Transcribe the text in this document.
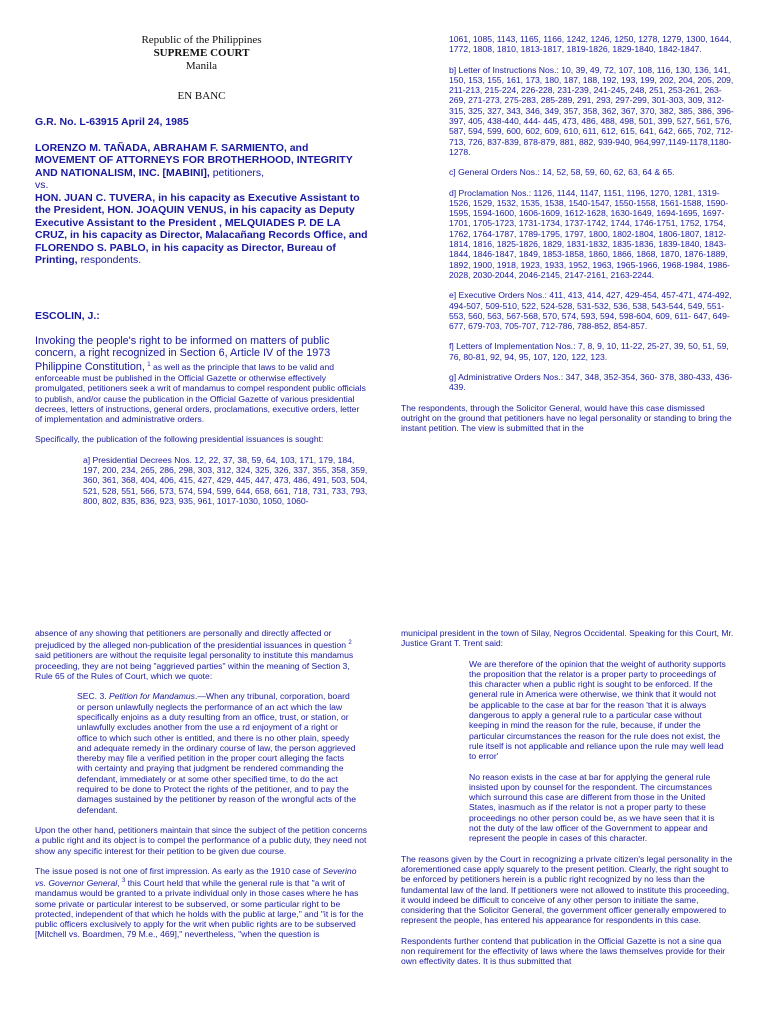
Republic of the Philippines
SUPREME COURT
Manila
EN BANC
G.R. No. L-63915 April 24, 1985
LORENZO M. TAÑADA, ABRAHAM F. SARMIENTO, and MOVEMENT OF ATTORNEYS FOR BROTHERHOOD, INTEGRITY AND NATIONALISM, INC. [MABINI], petitioners,
vs.
HON. JUAN C. TUVERA, in his capacity as Executive Assistant to the President, HON. JOAQUIN VENUS, in his capacity as Deputy Executive Assistant to the President , MELQUIADES P. DE LA CRUZ, in his capacity as Director, Malacañang Records Office, and FLORENDO S. PABLO, in his capacity as Director, Bureau of Printing, respondents.
ESCOLIN, J.:

Invoking the people's right to be informed on matters of public concern, a right recognized in Section 6, Article IV of the 1973 Philippine Constitution, $^1$ as well as the principle that laws to be valid and enforceable must be published in the Official Gazette or otherwise effectively promulgated, petitioners seek a writ of mandamus to compel respondent public officials to publish, and/or cause the publication in the Official Gazette of various presidential decrees, letters of instructions, general orders, proclamations, executive orders, letter of implementation and administrative orders.

Specifically, the publication of the following presidential issuances is sought:

a] Presidential Decrees Nos. 12, 22, 37, 38, 59, 64, 103, 171, 179, 184, 197, 200, 234, 265, 286, 298, 303, 312, 324, 325, 326, 337, 355, 358, 359, 360, 361, 368, 404, 406, 415, 427, 429, 445, 447, 473, 486, 491, 503, 504, 521, 528, 551, 566, 573, 574, 594, 599, 644, 658, 661, 718, 731, 733, 793, 800, 802, 835, 836, 923, 935, 961, 1017-1030, 1050, 1060-

1061, 1085, 1143, 1165, 1166, 1242, 1246, 1250, 1278, 1279, 1300, 1644, 1772, 1808, 1810, 1813-1817, 1819-1826, 1829-1840, 1842-1847.

b] Letter of Instructions Nos.: 10, 39, 49, 72, 107, 108, 116, 130, 136, 141, 150, 153, 155, 161, 173, 180, 187, 188, 192, 193, 199, 202, 204, 205, 209, 211-213, 215-224, 226-228, 231-239, 241-245, 248, 251, 253-261, 263-269, 271-273, 275-283, 285-289, 291, 293, 297-299, 301-303, 309, 312-315, 325, 327, 343, 346, 349, 357, 358, 362, 367, 370, 382, 385, 386, 396-397, 405, 438-440, 444- 445, 473, 486, 488, 498, 501, 399, 527, 561, 576, 587, 594, 599, 600, 602, 609, 610, 611, 612, 615, 641, 642, 665, 702, 712-713, 726, 837-839, 878-879, 881, 882, 939-940, 964,997,1149-1178,1180-1278.

c] General Orders Nos.: 14, 52, 58, 59, 60, 62, 63, 64 & 65.

d] Proclamation Nos.: 1126, 1144, 1147, 1151, 1196, 1270, 1281, 1319-1526, 1529, 1532, 1535, 1538, 1540-1547, 1550-1558, 1561-1588, 1590-1595, 1594-1600, 1606-1609, 1612-1628, 1630-1649, 1694-1695, 1697-1701, 1705-1723, 1731-1734, 1737-1742, 1744, 1746-1751, 1752, 1754, 1762, 1764-1787, 1789-1795, 1797, 1800, 1802-1804, 1806-1807, 1812-1814, 1816, 1825-1826, 1829, 1831-1832, 1835-1836, 1839-1840, 1843-1844, 1846-1847, 1849, 1853-1858, 1860, 1866, 1868, 1870, 1876-1889, 1892, 1900, 1918, 1923, 1933, 1952, 1963, 1965-1966, 1968-1984, 1986-2028, 2030-2044, 2046-2145, 2147-2161, 2163-2244.

e] Executive Orders Nos.: 411, 413, 414, 427, 429-454, 457-471, 474-492, 494-507, 509-510, 522, 524-528, 531-532, 536, 538, 543-544, 549, 551-553, 560, 563, 567-568, 570, 574, 593, 594, 598-604, 609, 611- 647, 649-677, 679-703, 705-707, 712-786, 788-852, 854-857.

f] Letters of Implementation Nos.: 7, 8, 9, 10, 11-22, 25-27, 39, 50, 51, 59, 76, 80-81, 92, 94, 95, 107, 120, 122, 123.

g] Administrative Orders Nos.: 347, 348, 352-354, 360- 378, 380-433, 436-439.

The respondents, through the Solicitor General, would have this case dismissed outright on the ground that petitioners have no legal personality or standing to bring the instant petition. The view is submitted that in the

absence of any showing that petitioners are personally and directly affected or prejudiced by the alleged non-publication of the presidential issuances in question $^2$ said petitioners are without the requisite legal personality to institute this mandamus proceeding, they are not being "aggrieved parties" within the meaning of Section 3, Rule 65 of the Rules of Court, which we quote:

SEC. 3. Petition for Mandamus.—When any tribunal, corporation, board or person unlawfully neglects the performance of an act which the law specifically enjoins as a duty resulting from an office, trust, or station, or unlawfully excludes another from the use a rd enjoyment of a right or office to which such other is entitled, and there is no other plain, speedy and adequate remedy in the ordinary course of law, the person aggrieved thereby may file a verified petition in the proper court alleging the facts with certainty and praying that judgment be rendered commanding the defendant, immediately or at some other specified time, to do the act required to be done to Protect the rights of the petitioner, and to pay the damages sustained by the petitioner by reason of the wrongful acts of the defendant.

Upon the other hand, petitioners maintain that since the subject of the petition concerns a public right and its object is to compel the performance of a public duty, they need not show any specific interest for their petition to be given due course.

The issue posed is not one of first impression. As early as the 1910 case of Severino vs. Governor General, $^3$ this Court held that while the general rule is that "a writ of mandamus would be granted to a private individual only in those cases where he has some private or particular interest to be subserved, or some particular right to be protected, independent of that which he holds with the public at large," and "it is for the public officers exclusively to apply for the writ when public rights are to be subserved [Mitchell vs. Boardmen, 79 M.e., 469]," nevertheless, "when the question is

municipal president in the town of Silay, Negros Occidental. Speaking for this Court, Mr. Justice Grant T. Trent said:

We are therefore of the opinion that the weight of authority supports the proposition that the relator is a proper party to proceedings of this character when a public right is sought to be enforced. If the general rule in America were otherwise, we think that it would not be applicable to the case at bar for the reason 'that it is always dangerous to apply a general rule to a particular case without keeping in mind the reason for the rule, because, if under the particular circumstances the reason for the rule does not exist, the rule itself is not applicable and reliance upon the rule may well lead to error'

No reason exists in the case at bar for applying the general rule insisted upon by counsel for the respondent. The circumstances which surround this case are different from those in the United States, inasmuch as if the relator is not a proper party to these proceedings no other person could be, as we have seen that it is not the duty of the law officer of the Government to appear and represent the people in cases of this character.

The reasons given by the Court in recognizing a private citizen's legal personality in the aforementioned case apply squarely to the present petition. Clearly, the right sought to be enforced by petitioners herein is a public right recognized by no less than the fundamental law of the land. If petitioners were not allowed to institute this proceeding, it would indeed be difficult to conceive of any other person to initiate the same, considering that the Solicitor General, the government officer generally empowered to represent the people, has entered his appearance for respondents in this case.

Respondents further contend that publication in the Official Gazette is not a sine qua non requirement for the effectivity of laws where the laws themselves provide for their own effectivity dates. It is thus submitted that
